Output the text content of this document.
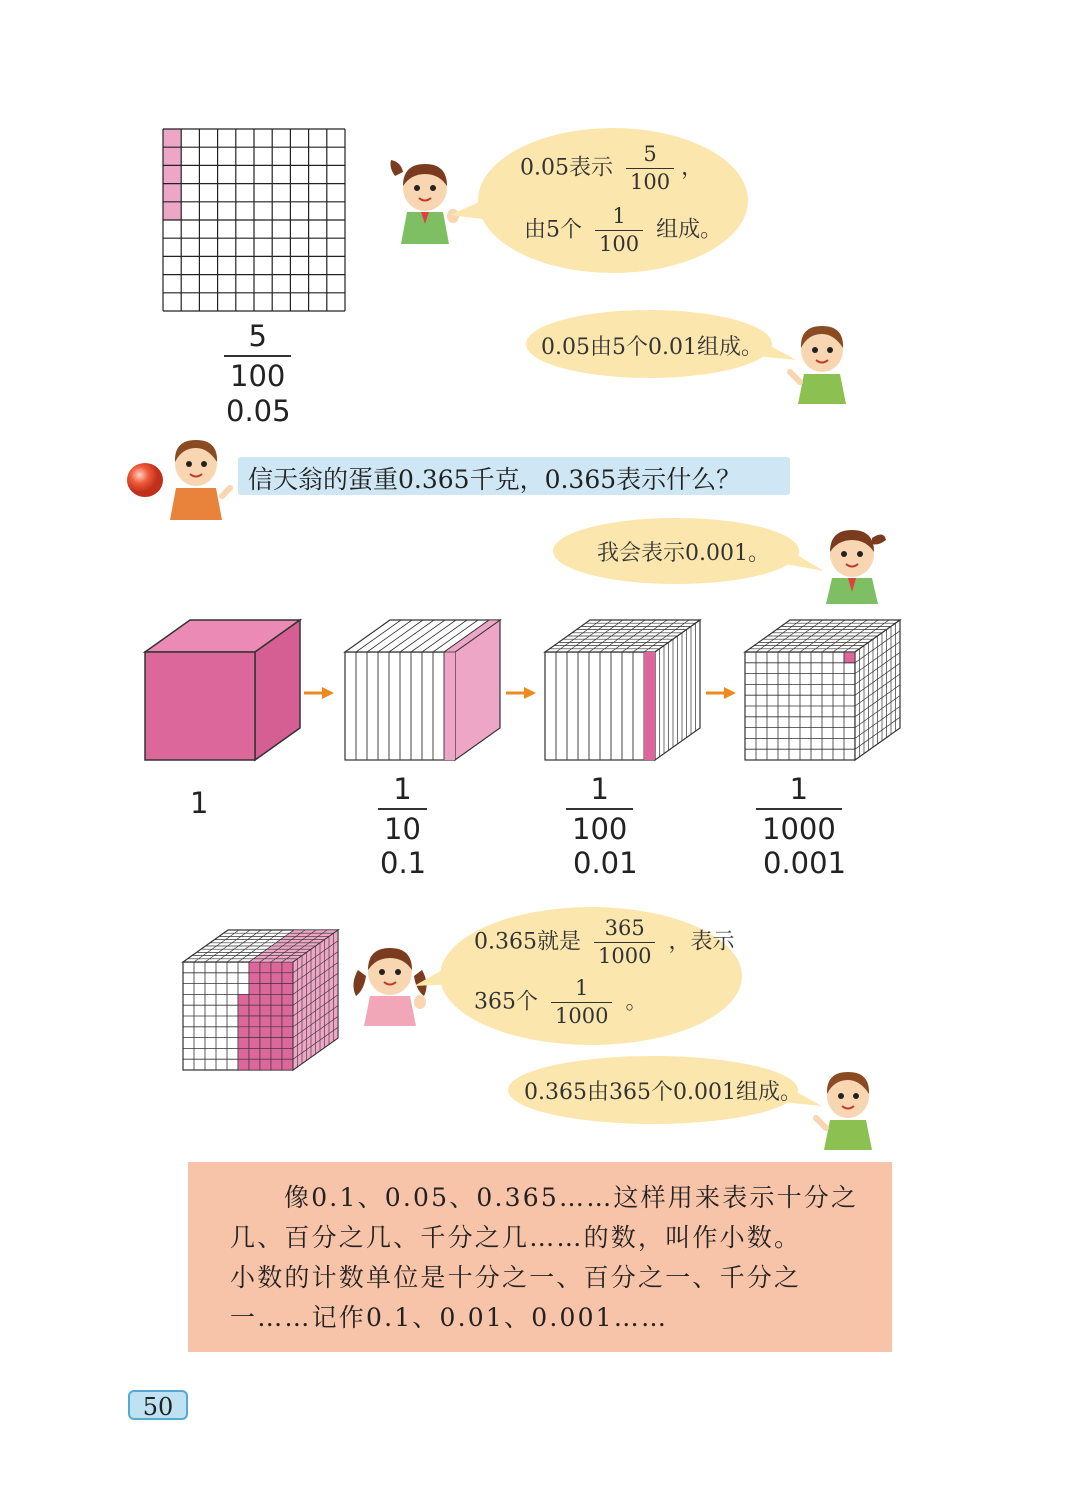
$\frac{5}{100}$
0.05
0.05表示 $\frac{5}{100}$ ，
由5个 $\frac{1}{100}$ 组成。
0.05由5个0.01组成。
信天翁的蛋重0.365千克，0.365表示什么？
我会表示0.001。
1	$\frac{1}{10}$
0.1
$\frac{1}{100}$
0.01
$\frac{1}{1000}$
0.001
0.365就是 $\frac{365}{1000}$ ，表示
365个 $\frac{1}{1000}$ 。
0.365由365个0.001组成。
像0.1、0.05、0.365……这样用来表示十分之
几、百分之几、千分之几……的数，叫作小数。
小数的计数单位是十分之一、百分之一、千分之
一……记作0.1、0.01、0.001……
50
